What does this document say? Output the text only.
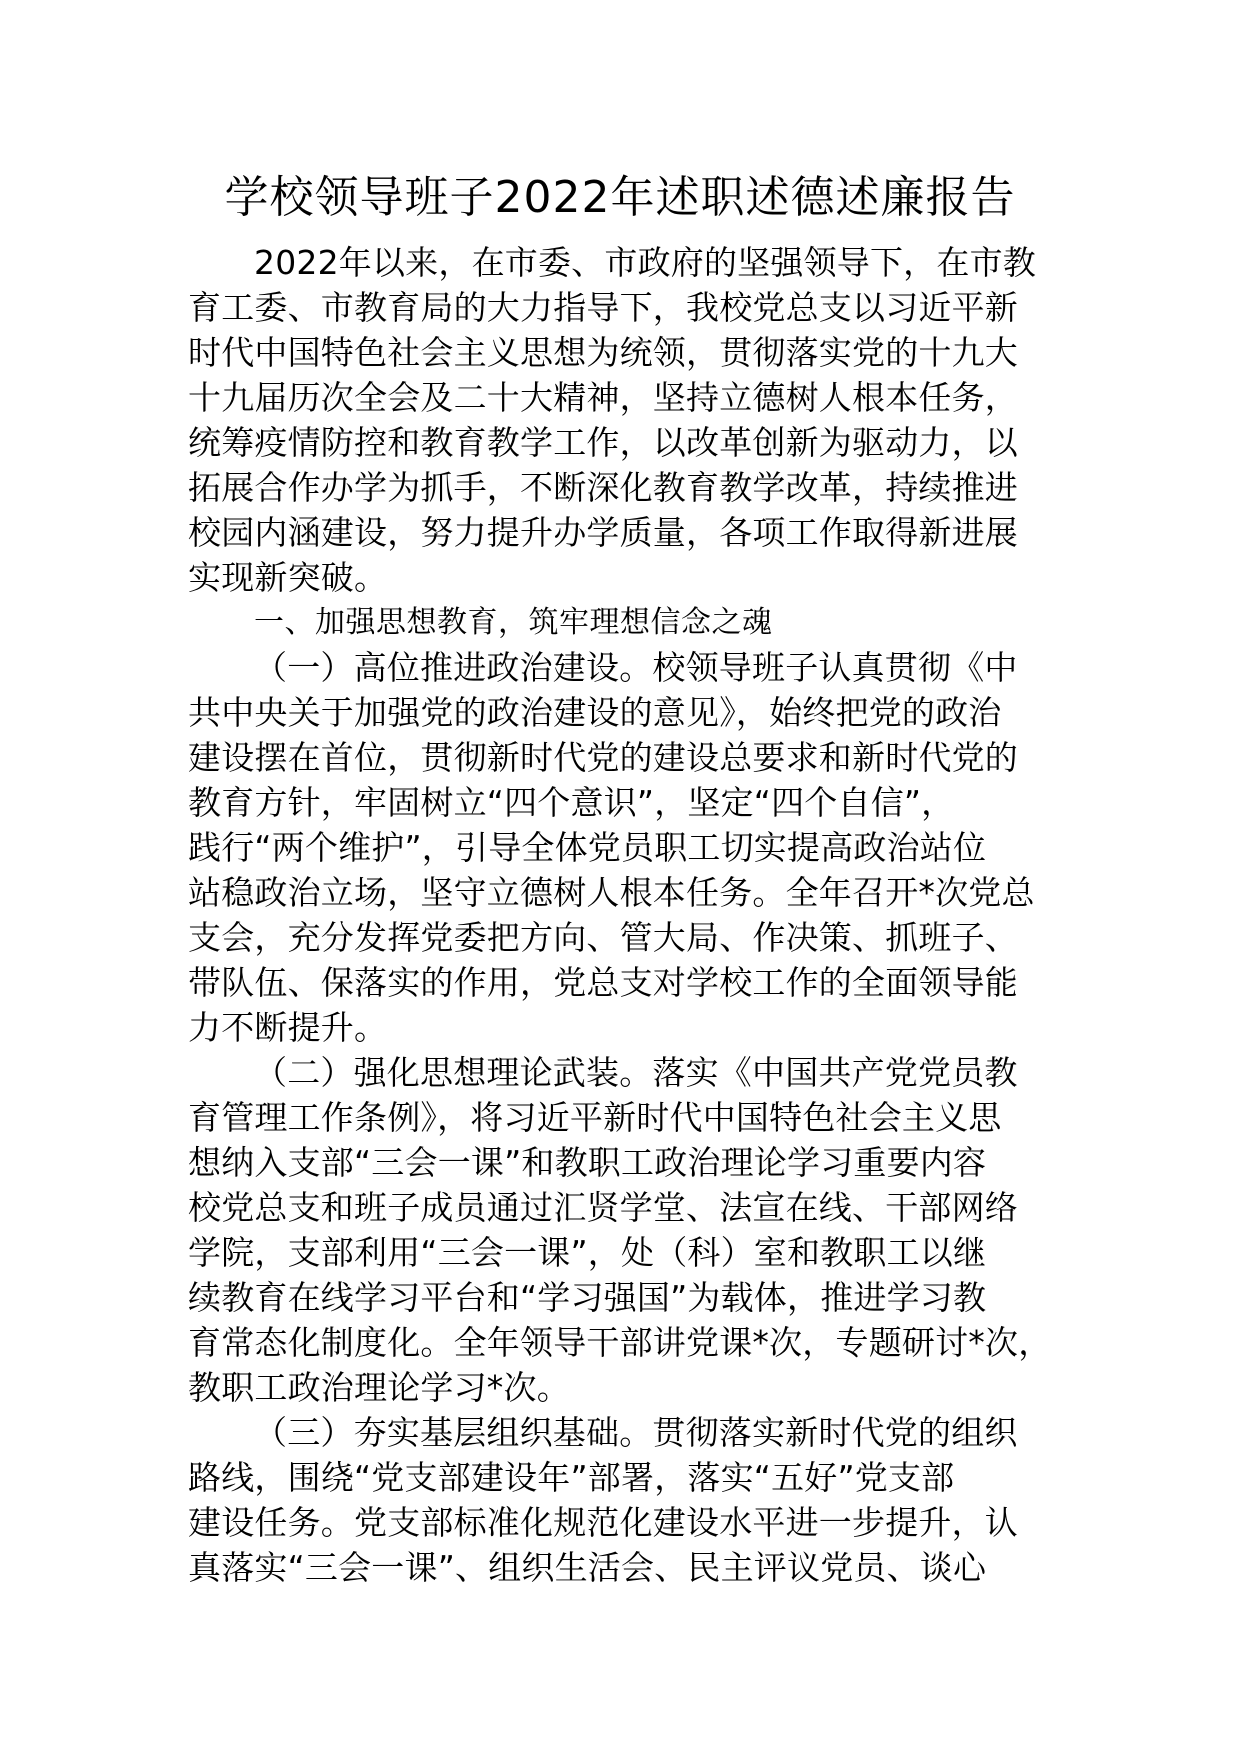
学校领导班子2022年述职述德述廉报告
2022年以来，在市委、市政府的坚强领导下，在市教
育工委、市教育局的大力指导下，我校党总支以习近平新
时代中国特色社会主义思想为统领，贯彻落实党的十九大
十九届历次全会及二十大精神，坚持立德树人根本任务，
统筹疫情防控和教育教学工作，以改革创新为驱动力，以
拓展合作办学为抓手，不断深化教育教学改革，持续推进
校园内涵建设，努力提升办学质量，各项工作取得新进展
实现新突破。
一、加强思想教育，筑牢理想信念之魂
（一）高位推进政治建设。校领导班子认真贯彻《中
共中央关于加强党的政治建设的意见》，始终把党的政治
建设摆在首位，贯彻新时代党的建设总要求和新时代党的
教育方针，牢固树立“四个意识”，坚定“四个自信”，
践行“两个维护”，引导全体党员职工切实提高政治站位
站稳政治立场，坚守立德树人根本任务。全年召开*次党总
支会，充分发挥党委把方向、管大局、作决策、抓班子、
带队伍、保落实的作用，党总支对学校工作的全面领导能
力不断提升。
（二）强化思想理论武装。落实《中国共产党党员教
育管理工作条例》，将习近平新时代中国特色社会主义思
想纳入支部“三会一课”和教职工政治理论学习重要内容
校党总支和班子成员通过汇贤学堂、法宣在线、干部网络
学院，支部利用“三会一课”，处（科）室和教职工以继
续教育在线学习平台和“学习强国”为载体，推进学习教
育常态化制度化。全年领导干部讲党课*次，专题研讨*次，
教职工政治理论学习*次。
（三）夯实基层组织基础。贯彻落实新时代党的组织
路线，围绕“党支部建设年”部署，落实“五好”党支部
建设任务。党支部标准化规范化建设水平进一步提升，认
真落实“三会一课”、组织生活会、民主评议党员、谈心
